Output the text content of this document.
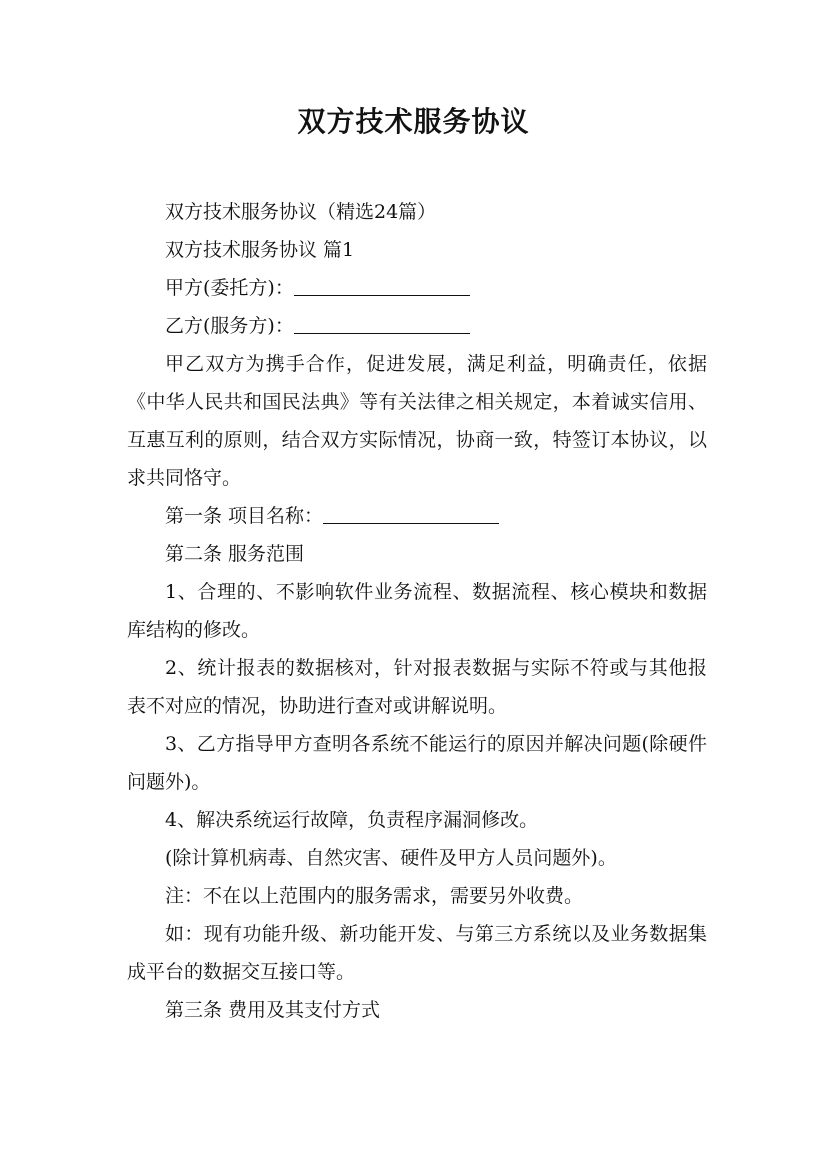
双方技术服务协议

双方技术服务协议（精选24篇）

双方技术服务协议 篇1

甲方(委托方)：

乙方(服务方)：

甲乙双方为携手合作，促进发展，满足利益，明确责任，依据《中华人民共和国民法典》等有关法律之相关规定，本着诚实信用、互惠互利的原则，结合双方实际情况，协商一致，特签订本协议，以求共同恪守。

第一条 项目名称：

第二条 服务范围

1、合理的、不影响软件业务流程、数据流程、核心模块和数据库结构的修改。

2、统计报表的数据核对，针对报表数据与实际不符或与其他报表不对应的情况，协助进行查对或讲解说明。

3、乙方指导甲方查明各系统不能运行的原因并解决问题(除硬件问题外)。

4、解决系统运行故障，负责程序漏洞修改。

(除计算机病毒、自然灾害、硬件及甲方人员问题外)。

注：不在以上范围内的服务需求，需要另外收费。

如：现有功能升级、新功能开发、与第三方系统以及业务数据集成平台的数据交互接口等。

第三条 费用及其支付方式
